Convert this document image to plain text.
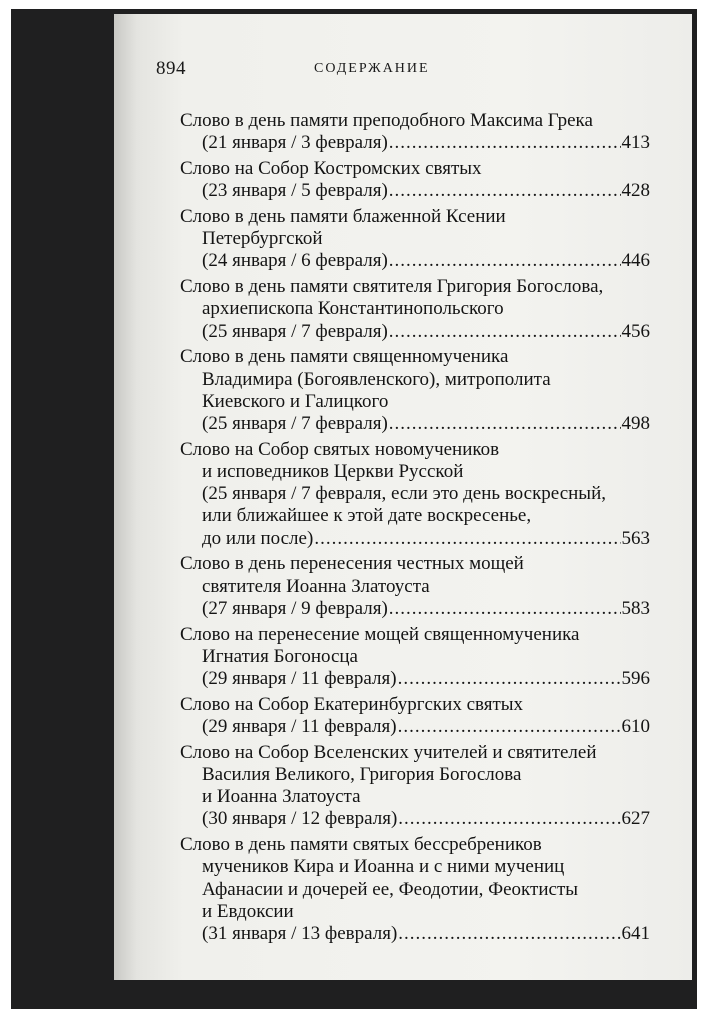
894	СОДЕРЖАНИЕ
Слово в день памяти преподобного Максима Грека
(21 января / 3 февраля) .....	413
Слово на Собор Костромских святых
(23 января / 5 февраля) .....	428
Слово в день памяти блаженной Ксении
Петербургской
(24 января / 6 февраля) .....	446
Слово в день памяти святителя Григория Богослова,
архиепископа Константинопольского
(25 января / 7 февраля) .....	456
Слово в день памяти священномученика
Владимира (Богоявленского), митрополита
Киевского и Галицкого
(25 января / 7 февраля) .....	498
Слово на Собор святых новомучеников
и исповедников Церкви Русской
(25 января / 7 февраля, если это день воскресный,
или ближайшее к этой дате воскресенье,
до или после) .....	563
Слово в день перенесения честных мощей
святителя Иоанна Златоуста
(27 января / 9 февраля) .....	583
Слово на перенесение мощей священномученика
Игнатия Богоносца
(29 января / 11 февраля) .....	596
Слово на Собор Екатеринбургских святых
(29 января / 11 февраля) .....	610
Слово на Собор Вселенских учителей и святителей
Василия Великого, Григория Богослова
и Иоанна Златоуста
(30 января / 12 февраля) .....	627
Слово в день памяти святых бессребреников
мучеников Кира и Иоанна и с ними мучениц
Афанасии и дочерей ее, Феодотии, Феоктисты
и Евдоксии
(31 января / 13 февраля) .....	641
